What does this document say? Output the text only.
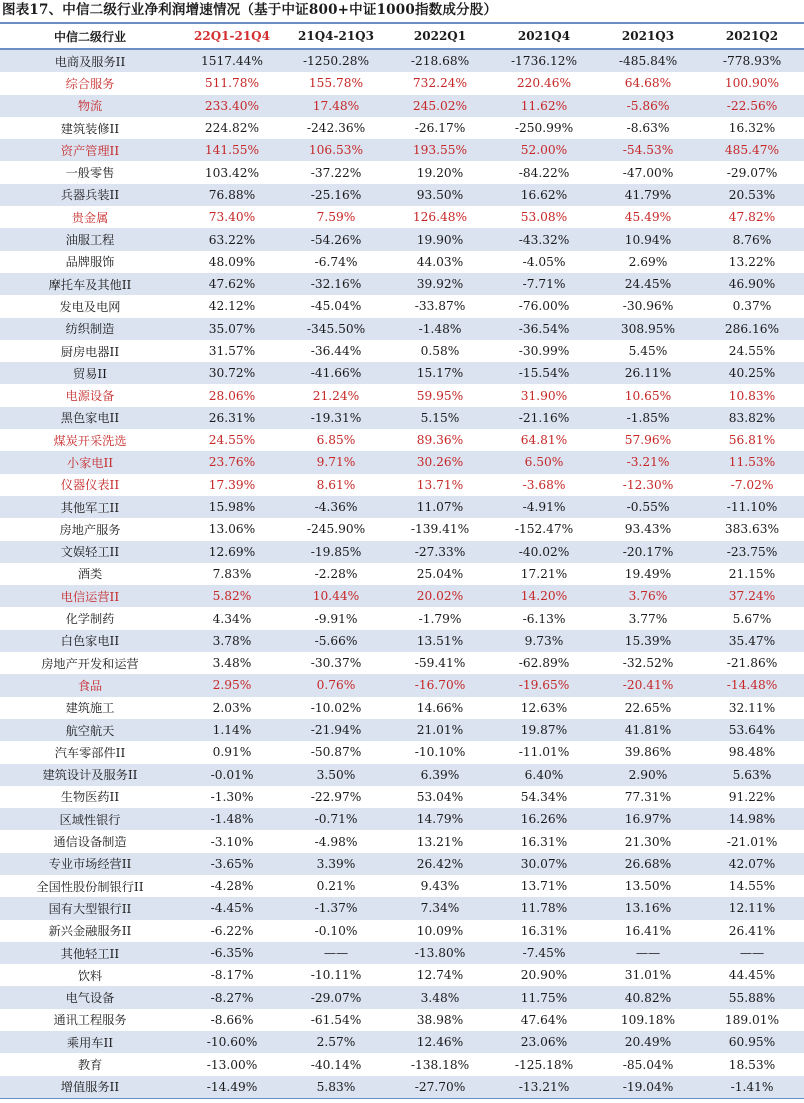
图表17、中信二级行业净利润增速情况（基于中证800+中证1000指数成分股）
中信二级行业	22Q1-21Q4	21Q4-21Q3	2022Q1	2021Q4	2021Q3	2021Q2
电商及服务II	1517.44%	-1250.28%	-218.68%	-1736.12%	-485.84%	-778.93%
综合服务	511.78%	155.78%	732.24%	220.46%	64.68%	100.90%
物流	233.40%	17.48%	245.02%	11.62%	-5.86%	-22.56%
建筑装修II	224.82%	-242.36%	-26.17%	-250.99%	-8.63%	16.32%
资产管理II	141.55%	106.53%	193.55%	52.00%	-54.53%	485.47%
一般零售	103.42%	-37.22%	19.20%	-84.22%	-47.00%	-29.07%
兵器兵装II	76.88%	-25.16%	93.50%	16.62%	41.79%	20.53%
贵金属	73.40%	7.59%	126.48%	53.08%	45.49%	47.82%
油服工程	63.22%	-54.26%	19.90%	-43.32%	10.94%	8.76%
品牌服饰	48.09%	-6.74%	44.03%	-4.05%	2.69%	13.22%
摩托车及其他II	47.62%	-32.16%	39.92%	-7.71%	24.45%	46.90%
发电及电网	42.12%	-45.04%	-33.87%	-76.00%	-30.96%	0.37%
纺织制造	35.07%	-345.50%	-1.48%	-36.54%	308.95%	286.16%
厨房电器II	31.57%	-36.44%	0.58%	-30.99%	5.45%	24.55%
贸易II	30.72%	-41.66%	15.17%	-15.54%	26.11%	40.25%
电源设备	28.06%	21.24%	59.95%	31.90%	10.65%	10.83%
黑色家电II	26.31%	-19.31%	5.15%	-21.16%	-1.85%	83.82%
煤炭开采洗选	24.55%	6.85%	89.36%	64.81%	57.96%	56.81%
小家电II	23.76%	9.71%	30.26%	6.50%	-3.21%	11.53%
仪器仪表II	17.39%	8.61%	13.71%	-3.68%	-12.30%	-7.02%
其他军工II	15.98%	-4.36%	11.07%	-4.91%	-0.55%	-11.10%
房地产服务	13.06%	-245.90%	-139.41%	-152.47%	93.43%	383.63%
文娱轻工II	12.69%	-19.85%	-27.33%	-40.02%	-20.17%	-23.75%
酒类	7.83%	-2.28%	25.04%	17.21%	19.49%	21.15%
电信运营II	5.82%	10.44%	20.02%	14.20%	3.76%	37.24%
化学制药	4.34%	-9.91%	-1.79%	-6.13%	3.77%	5.67%
白色家电II	3.78%	-5.66%	13.51%	9.73%	15.39%	35.47%
房地产开发和运营	3.48%	-30.37%	-59.41%	-62.89%	-32.52%	-21.86%
食品	2.95%	0.76%	-16.70%	-19.65%	-20.41%	-14.48%
建筑施工	2.03%	-10.02%	14.66%	12.63%	22.65%	32.11%
航空航天	1.14%	-21.94%	21.01%	19.87%	41.81%	53.64%
汽车零部件II	0.91%	-50.87%	-10.10%	-11.01%	39.86%	98.48%
建筑设计及服务II	-0.01%	3.50%	6.39%	6.40%	2.90%	5.63%
生物医药II	-1.30%	-22.97%	53.04%	54.34%	77.31%	91.22%
区域性银行	-1.48%	-0.71%	14.79%	16.26%	16.97%	14.98%
通信设备制造	-3.10%	-4.98%	13.21%	16.31%	21.30%	-21.01%
专业市场经营II	-3.65%	3.39%	26.42%	30.07%	26.68%	42.07%
全国性股份制银行II	-4.28%	0.21%	9.43%	13.71%	13.50%	14.55%
国有大型银行II	-4.45%	-1.37%	7.34%	11.78%	13.16%	12.11%
新兴金融服务II	-6.22%	-0.10%	10.09%	16.31%	16.41%	26.41%
其他轻工II	-6.35%	——	-13.80%	-7.45%	——	——
饮料	-8.17%	-10.11%	12.74%	20.90%	31.01%	44.45%
电气设备	-8.27%	-29.07%	3.48%	11.75%	40.82%	55.88%
通讯工程服务	-8.66%	-61.54%	38.98%	47.64%	109.18%	189.01%
乘用车II	-10.60%	2.57%	12.46%	23.06%	20.49%	60.95%
教育	-13.00%	-40.14%	-138.18%	-125.18%	-85.04%	18.53%
增值服务II	-14.49%	5.83%	-27.70%	-13.21%	-19.04%	-1.41%
